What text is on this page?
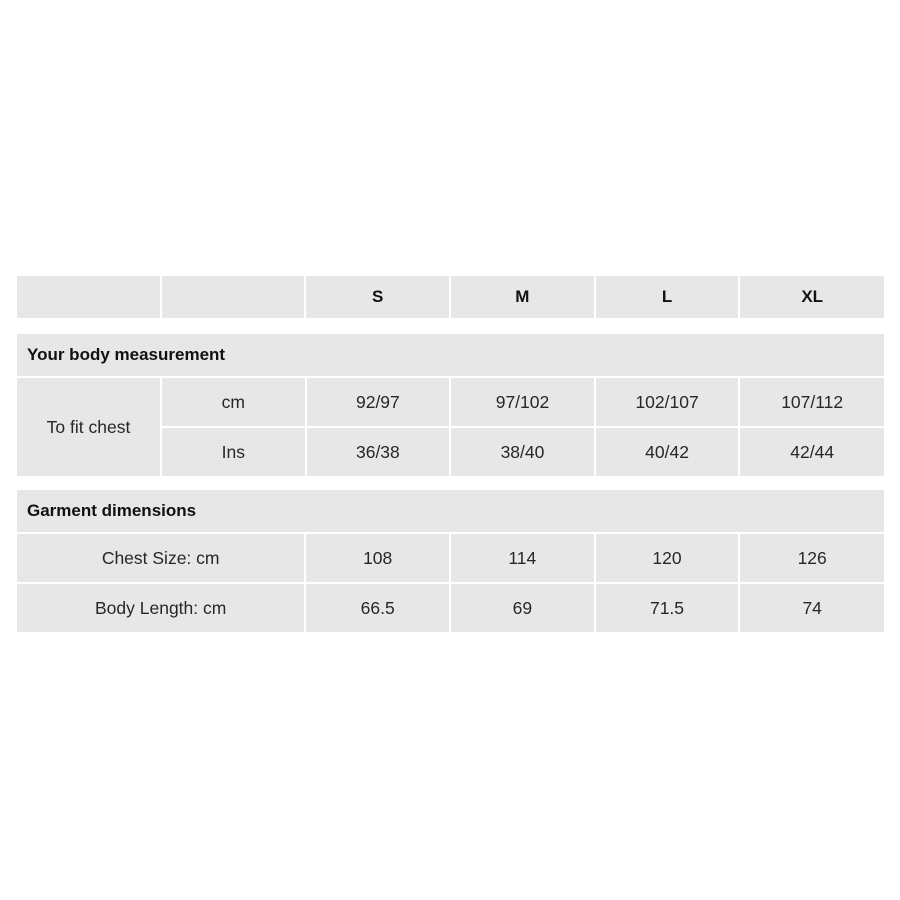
S	M	L	XL
Your body measurement
To fit chest
cm	92/97	97/102	102/107	107/112
Ins	36/38	38/40	40/42	42/44
Garment dimensions
Chest Size: cm	108	114	120	126
Body Length: cm	66.5	69	71.5	74
